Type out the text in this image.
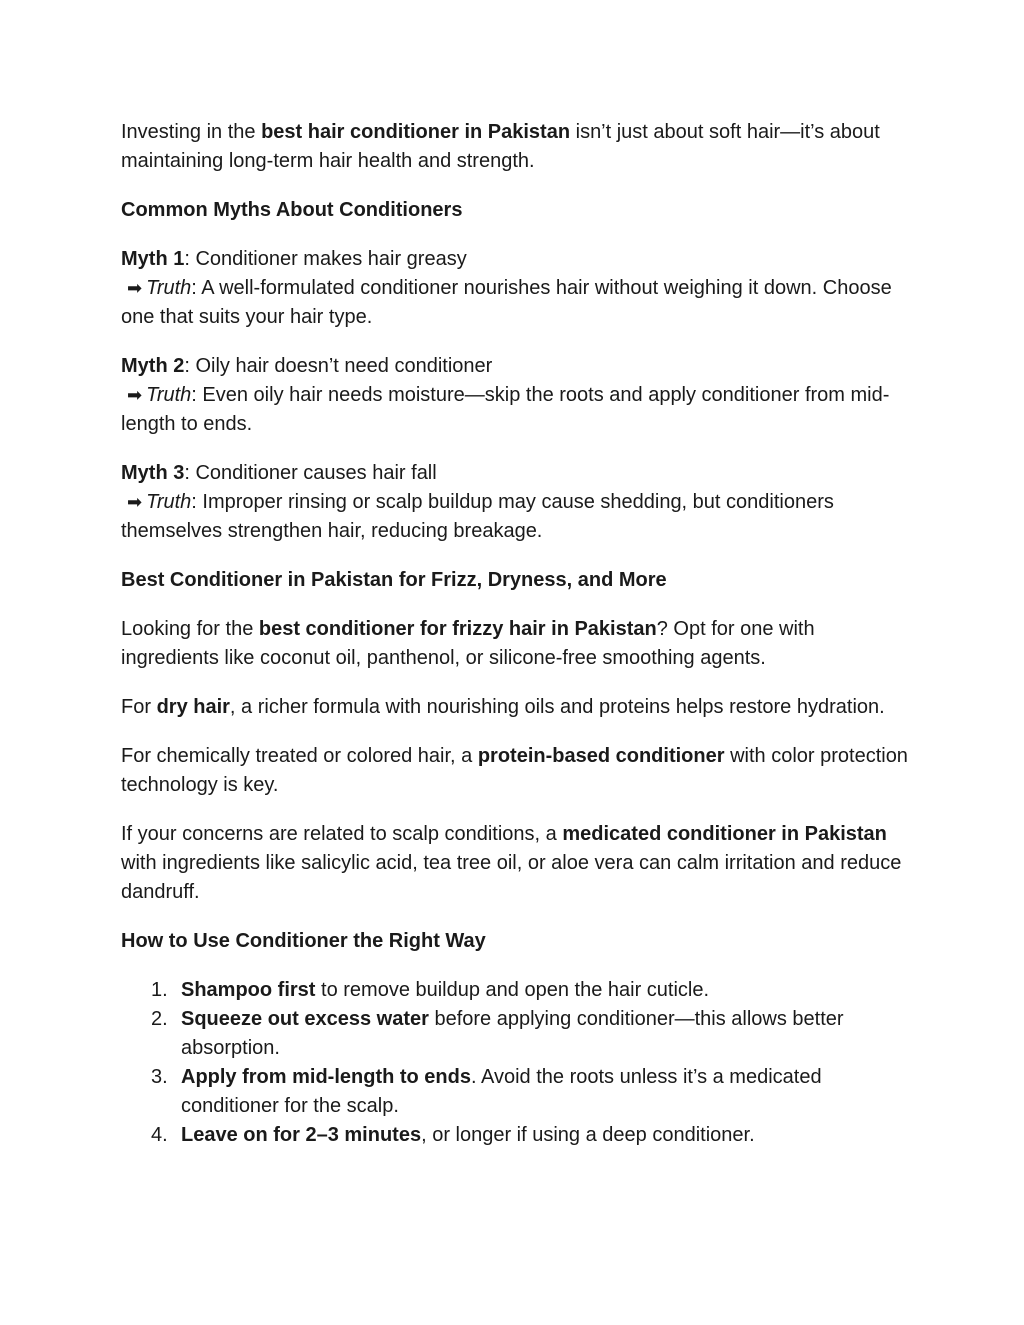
Investing in the best hair conditioner in Pakistan isn’t just about soft hair—it’s about maintaining long-term hair health and strength.

Common Myths About Conditioners

Myth 1: Conditioner makes hair greasy
➡ Truth: A well-formulated conditioner nourishes hair without weighing it down. Choose one that suits your hair type.

Myth 2: Oily hair doesn’t need conditioner
➡ Truth: Even oily hair needs moisture—skip the roots and apply conditioner from mid-length to ends.

Myth 3: Conditioner causes hair fall
➡ Truth: Improper rinsing or scalp buildup may cause shedding, but conditioners themselves strengthen hair, reducing breakage.

Best Conditioner in Pakistan for Frizz, Dryness, and More

Looking for the best conditioner for frizzy hair in Pakistan? Opt for one with ingredients like coconut oil, panthenol, or silicone-free smoothing agents.

For dry hair, a richer formula with nourishing oils and proteins helps restore hydration.

For chemically treated or colored hair, a protein-based conditioner with color protection technology is key.

If your concerns are related to scalp conditions, a medicated conditioner in Pakistan with ingredients like salicylic acid, tea tree oil, or aloe vera can calm irritation and reduce dandruff.

How to Use Conditioner the Right Way
1. Shampoo first to remove buildup and open the hair cuticle.
2. Squeeze out excess water before applying conditioner—this allows better absorption.
3. Apply from mid-length to ends. Avoid the roots unless it’s a medicated conditioner for the scalp.
4. Leave on for 2–3 minutes, or longer if using a deep conditioner.
